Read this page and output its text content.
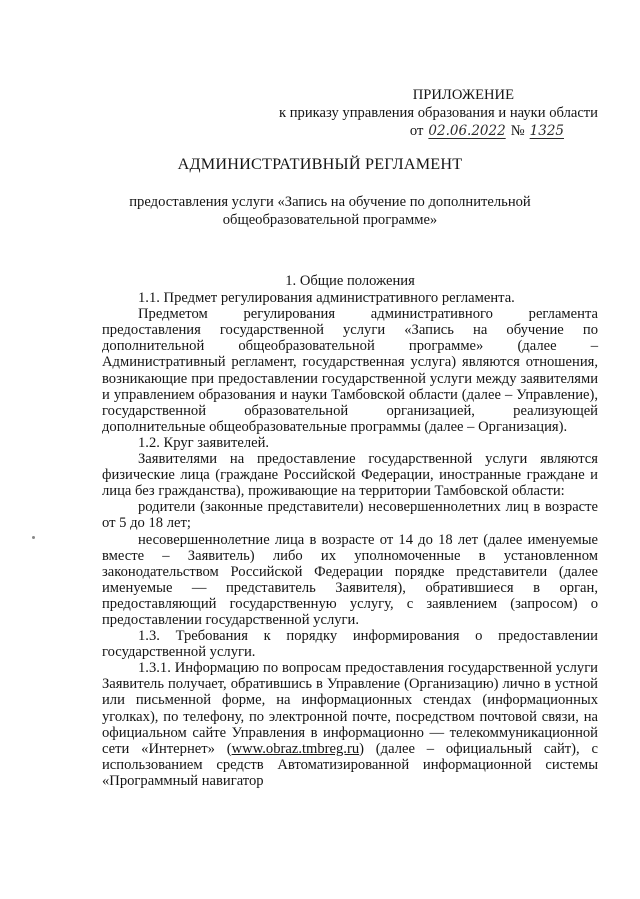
ПРИЛОЖЕНИЕ
к приказу управления образования и науки области
от 02.06.2022 № 1325
АДМИНИСТРАТИВНЫЙ РЕГЛАМЕНТ
предоставления услуги «Запись на обучение по дополнительной
общеобразовательной программе»

1. Общие положения

1.1. Предмет регулирования административного регламента.

Предметом регулирования административного регламента предоставления государственной услуги «Запись на обучение по дополнительной общеобразовательной программе» (далее – Административный регламент, государственная услуга) являются отношения, возникающие при предоставлении государственной услуги между заявителями и управлением образования и науки Тамбовской области (далее – Управление), государственной образовательной организацией, реализующей дополнительные общеобразовательные программы (далее – Организация).

1.2. Круг заявителей.

Заявителями на предоставление государственной услуги являются физические лица (граждане Российской Федерации, иностранные граждане и лица без гражданства), проживающие на территории Тамбовской области:

родители (законные представители) несовершеннолетних лиц в возрасте от 5 до 18 лет;

несовершеннолетние лица в возрасте от 14 до 18 лет (далее именуемые вместе – Заявитель) либо их уполномоченные в установленном законодательством Российской Федерации порядке представители (далее именуемые — представитель Заявителя), обратившиеся в орган, предоставляющий государственную услугу, с заявлением (запросом) о предоставлении государственной услуги.

1.3. Требования к порядку информирования о предоставлении государственной услуги.

1.3.1. Информацию по вопросам предоставления государственной услуги Заявитель получает, обратившись в Управление (Организацию) лично в устной или письменной форме, на информационных стендах (информационных уголках), по телефону, по электронной почте, посредством почтовой связи, на официальном сайте Управления в информационно — телекоммуникационной сети «Интернет» (www.obraz.tmbreg.ru) (далее – официальный сайт), с использованием средств Автоматизированной информационной системы «Программный навигатор
